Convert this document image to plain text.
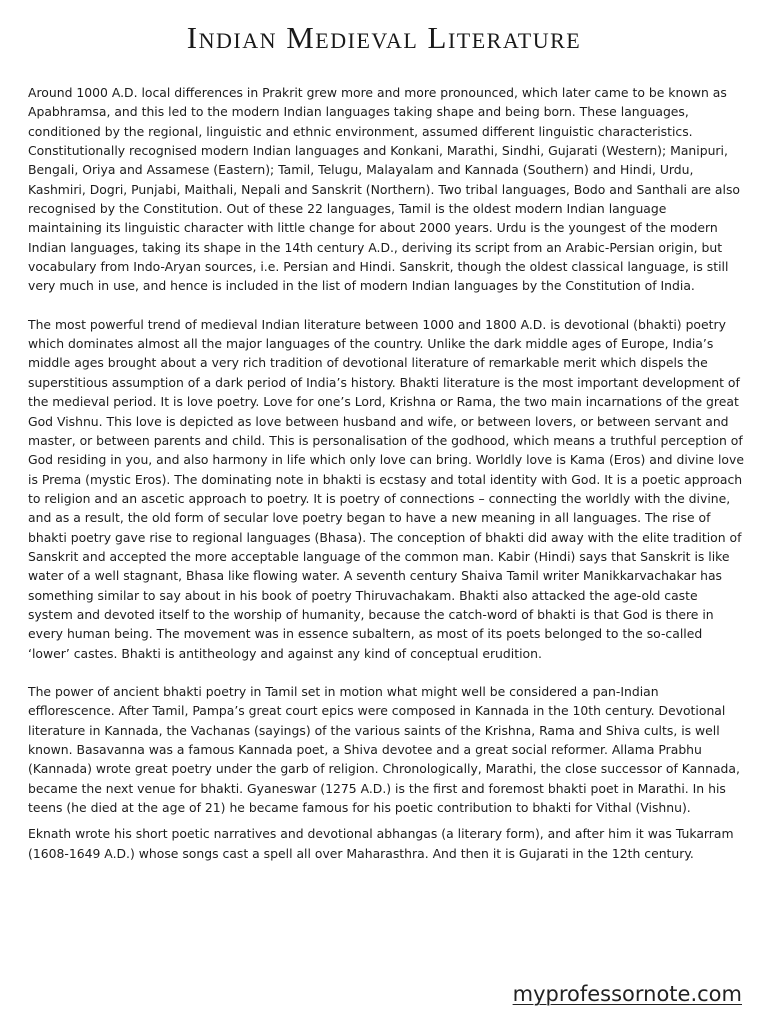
Indian Medieval Literature

Around 1000 A.D. local differences in Prakrit grew more and more pronounced, which later came to be known as Apabhramsa, and this led to the modern Indian languages taking shape and being born. These languages, conditioned by the regional, linguistic and ethnic environment, assumed different linguistic characteristics. Constitutionally recognised modern Indian languages and Konkani, Marathi, Sindhi, Gujarati (Western); Manipuri, Bengali, Oriya and Assamese (Eastern); Tamil, Telugu, Malayalam and Kannada (Southern) and Hindi, Urdu, Kashmiri, Dogri, Punjabi, Maithali, Nepali and Sanskrit (Northern). Two tribal languages, Bodo and Santhali are also recognised by the Constitution. Out of these 22 languages, Tamil is the oldest modern Indian language maintaining its linguistic character with little change for about 2000 years. Urdu is the youngest of the modern Indian languages, taking its shape in the 14th century A.D., deriving its script from an Arabic-Persian origin, but vocabulary from Indo-Aryan sources, i.e. Persian and Hindi. Sanskrit, though the oldest classical language, is still very much in use, and hence is included in the list of modern Indian languages by the Constitution of India.

The most powerful trend of medieval Indian literature between 1000 and 1800 A.D. is devotional (bhakti) poetry which dominates almost all the major languages of the country. Unlike the dark middle ages of Europe, India’s middle ages brought about a very rich tradition of devotional literature of remarkable merit which dispels the superstitious assumption of a dark period of India’s history. Bhakti literature is the most important development of the medieval period. It is love poetry. Love for one’s Lord, Krishna or Rama, the two main incarnations of the great God Vishnu. This love is depicted as love between husband and wife, or between lovers, or between servant and master, or between parents and child. This is personalisation of the godhood, which means a truthful perception of God residing in you, and also harmony in life which only love can bring. Worldly love is Kama (Eros) and divine love is Prema (mystic Eros). The dominating note in bhakti is ecstasy and total identity with God. It is a poetic approach to religion and an ascetic approach to poetry. It is poetry of connections – connecting the worldly with the divine, and as a result, the old form of secular love poetry began to have a new meaning in all languages. The rise of bhakti poetry gave rise to regional languages (Bhasa). The conception of bhakti did away with the elite tradition of Sanskrit and accepted the more acceptable language of the common man. Kabir (Hindi) says that Sanskrit is like water of a well stagnant, Bhasa like flowing water. A seventh century Shaiva Tamil writer Manikkarvachakar has something similar to say about in his book of poetry Thiruvachakam. Bhakti also attacked the age-old caste system and devoted itself to the worship of humanity, because the catch-word of bhakti is that God is there in every human being. The movement was in essence subaltern, as most of its poets belonged to the so-called ‘lower’ castes. Bhakti is antitheology and against any kind of conceptual erudition.

The power of ancient bhakti poetry in Tamil set in motion what might well be considered a pan-Indian efflorescence. After Tamil, Pampa’s great court epics were composed in Kannada in the 10th century. Devotional literature in Kannada, the Vachanas (sayings) of the various saints of the Krishna, Rama and Shiva cults, is well known. Basavanna was a famous Kannada poet, a Shiva devotee and a great social reformer. Allama Prabhu (Kannada) wrote great poetry under the garb of religion. Chronologically, Marathi, the close successor of Kannada, became the next venue for bhakti. Gyaneswar (1275 A.D.) is the first and foremost bhakti poet in Marathi. In his teens (he died at the age of 21) he became famous for his poetic contribution to bhakti for Vithal (Vishnu).

Eknath wrote his short poetic narratives and devotional abhangas (a literary form), and after him it was Tukarram (1608-1649 A.D.) whose songs cast a spell all over Maharasthra. And then it is Gujarati in the 12th century.

myprofessornote.com
